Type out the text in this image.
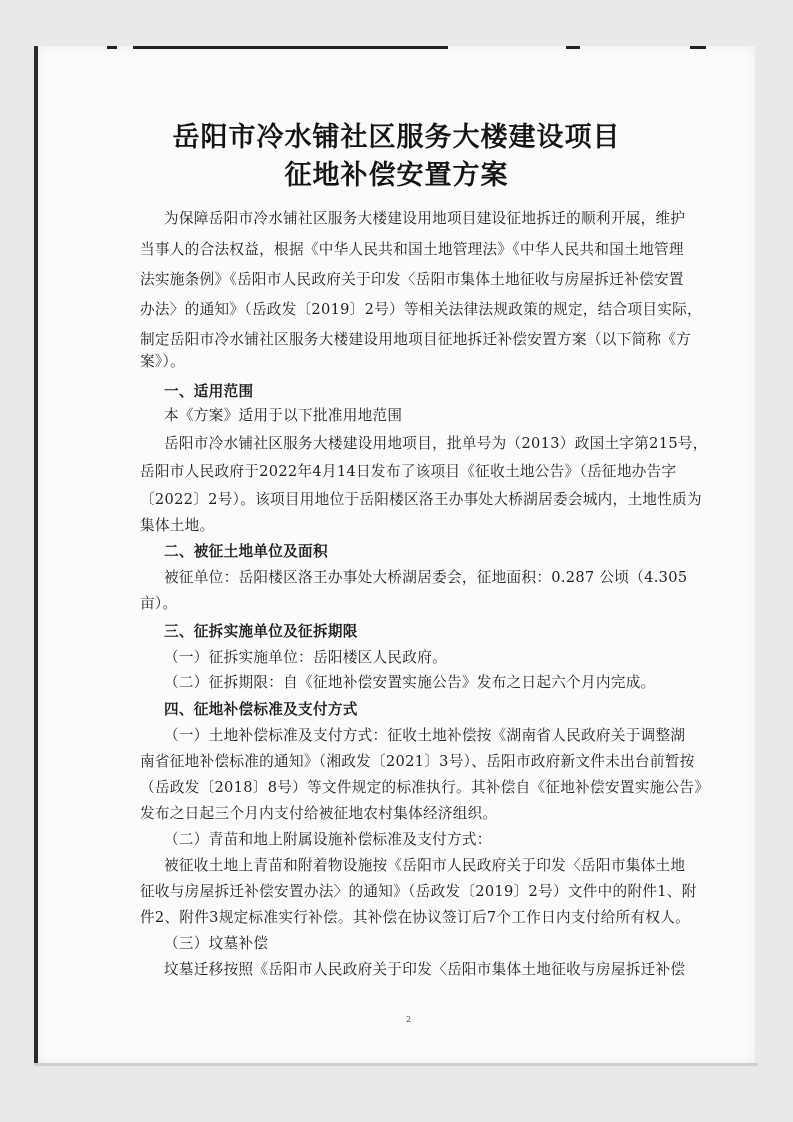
岳阳市冷水铺社区服务大楼建设项目
征地补偿安置方案

为保障岳阳市冷水铺社区服务大楼建设用地项目建设征地拆迁的顺利开展，维护

当事人的合法权益，根据《中华人民共和国土地管理法》《中华人民共和国土地管理

法实施条例》《岳阳市人民政府关于印发〈岳阳市集体土地征收与房屋拆迁补偿安置

办法〉的通知》（岳政发〔2019〕2号）等相关法律法规政策的规定，结合项目实际，

制定岳阳市冷水铺社区服务大楼建设用地项目征地拆迁补偿安置方案（以下简称《方

案》）。

一、适用范围

本《方案》适用于以下批准用地范围

岳阳市冷水铺社区服务大楼建设用地项目，批单号为（2013）政国土字第215号，

岳阳市人民政府于2022年4月14日发布了该项目《征收土地公告》（岳征地办告字

〔2022〕2号）。该项目用地位于岳阳楼区洛王办事处大桥湖居委会城内，土地性质为

集体土地。

二、被征土地单位及面积

被征单位：岳阳楼区洛王办事处大桥湖居委会，征地面积：0.287 公顷（4.305

亩）。

三、征拆实施单位及征拆期限

（一）征拆实施单位：岳阳楼区人民政府。

（二）征拆期限：自《征地补偿安置实施公告》发布之日起六个月内完成。

四、征地补偿标准及支付方式

（一）土地补偿标准及支付方式：征收土地补偿按《湖南省人民政府关于调整湖

南省征地补偿标准的通知》（湘政发〔2021〕3号）、岳阳市政府新文件未出台前暂按

（岳政发〔2018〕8号）等文件规定的标准执行。其补偿自《征地补偿安置实施公告》

发布之日起三个月内支付给被征地农村集体经济组织。

（二）青苗和地上附属设施补偿标准及支付方式：

被征收土地上青苗和附着物设施按《岳阳市人民政府关于印发〈岳阳市集体土地

征收与房屋拆迁补偿安置办法〉的通知》（岳政发〔2019〕2号）文件中的附件1、附

件2、附件3规定标准实行补偿。其补偿在协议签订后7个工作日内支付给所有权人。

（三）坟墓补偿

坟墓迁移按照《岳阳市人民政府关于印发〈岳阳市集体土地征收与房屋拆迁补偿

2
